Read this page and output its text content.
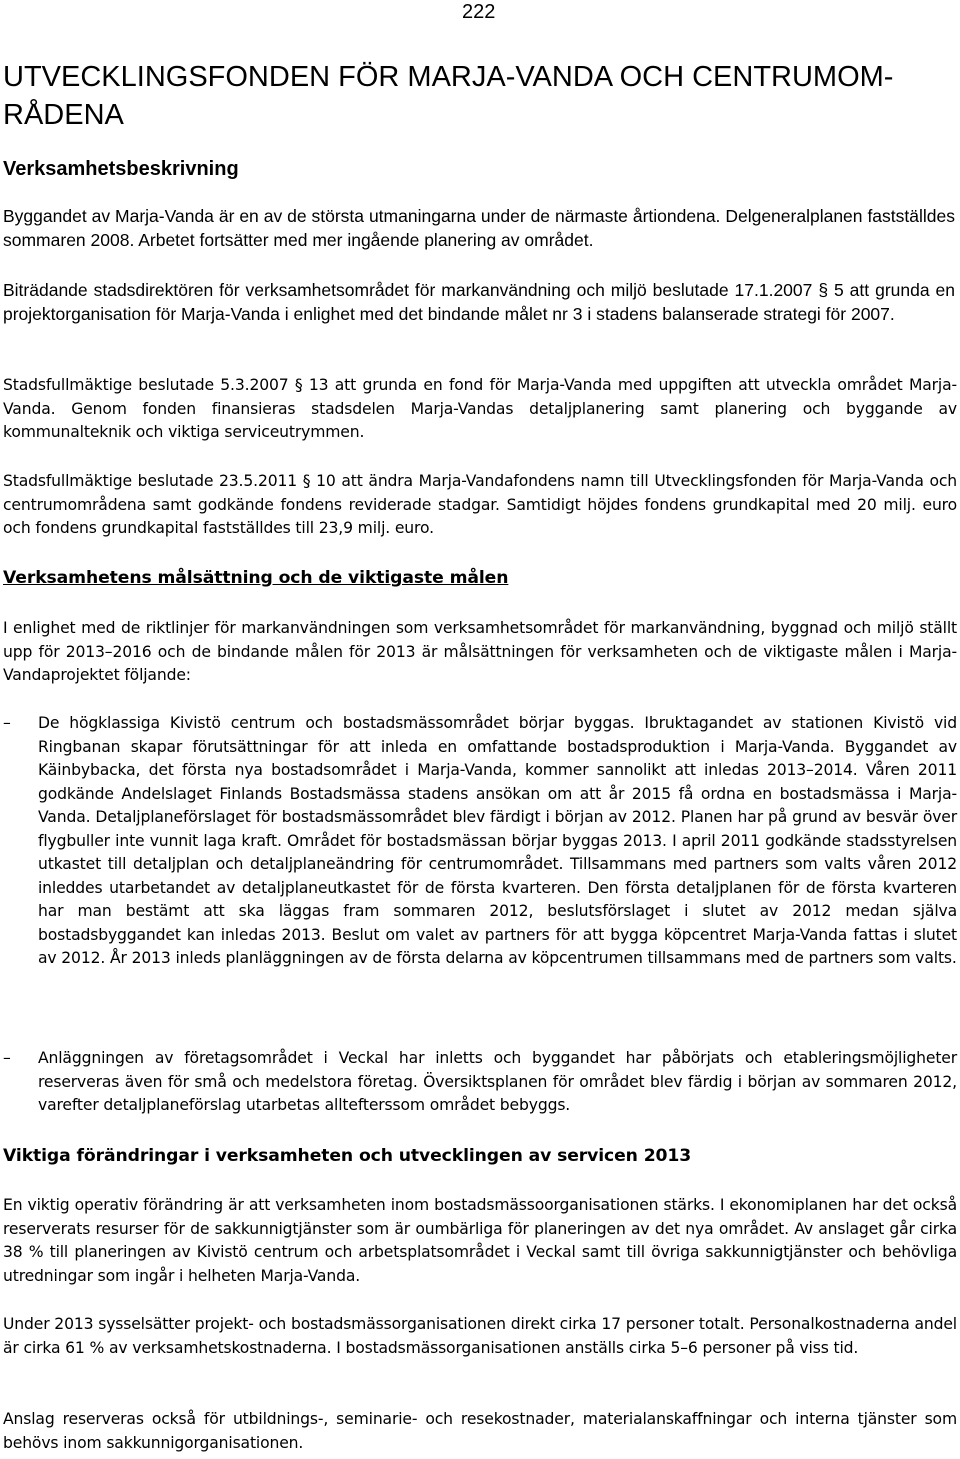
222
UTVECKLINGSFONDEN FÖR MARJA-VANDA OCH CENTRUMOMRÅDENA
Verksamhetsbeskrivning

Byggandet av Marja-Vanda är en av de största utmaningarna under de närmaste årtiondena. Delgeneralplanen fastställdes sommaren 2008. Arbetet fortsätter med mer ingående planering av området.

Biträdande stadsdirektören för verksamhetsområdet för markanvändning och miljö beslutade 17.1.2007 § 5 att grunda en projektorganisation för Marja-Vanda i enlighet med det bindande målet nr 3 i stadens balanserade strategi för 2007.

Stadsfullmäktige beslutade 5.3.2007 § 13 att grunda en fond för Marja-Vanda med uppgiften att utveckla området Marja-Vanda. Genom fonden finansieras stadsdelen Marja-Vandas detaljplanering samt planering och byggande av kommunalteknik och viktiga serviceutrymmen.

Stadsfullmäktige beslutade 23.5.2011 § 10 att ändra Marja-Vandafondens namn till Utvecklingsfonden för Marja-Vanda och centrumområdena samt godkände fondens reviderade stadgar. Samtidigt höjdes fondens grundkapital med 20 milj. euro och fondens grundkapital fastställdes till 23,9 milj. euro.

Verksamhetens målsättning och de viktigaste målen

I enlighet med de riktlinjer för markanvändningen som verksamhetsområdet för markanvändning, byggnad och miljö ställt upp för 2013–2016 och de bindande målen för 2013 är målsättningen för verksamheten och de viktigaste målen i Marja-Vandaprojektet följande:

– De högklassiga Kivistö centrum och bostadsmässområdet börjar byggas. Ibruktagandet av stationen Kivistö vid Ringbanan skapar förutsättningar för att inleda en omfattande bostadsproduktion i Marja-Vanda. Byggandet av Käinbybacka, det första nya bostadsområdet i Marja-Vanda, kommer sannolikt att inledas 2013–2014. Våren 2011 godkände Andelslaget Finlands Bostadsmässa stadens ansökan om att år 2015 få ordna en bostadsmässa i Marja-Vanda. Detaljplaneförslaget för bostadsmässområdet blev färdigt i början av 2012. Planen har på grund av besvär över flygbuller inte vunnit laga kraft. Området för bostadsmässan börjar byggas 2013. I april 2011 godkände stadsstyrelsen utkastet till detaljplan och detaljplaneändring för centrumområdet. Tillsammans med partners som valts våren 2012 inleddes utarbetandet av detaljplaneutkastet för de första kvarteren. Den första detaljplanen för de första kvarteren har man bestämt att ska läggas fram sommaren 2012, beslutsförslaget i slutet av 2012 medan själva bostadsbyggandet kan inledas 2013. Beslut om valet av partners för att bygga köpcentret Marja-Vanda fattas i slutet av 2012. År 2013 inleds planläggningen av de första delarna av köpcentrumen tillsammans med de partners som valts.

– Anläggningen av företagsområdet i Veckal har inletts och byggandet har påbörjats och etableringsmöjligheter reserveras även för små och medelstora företag. Översiktsplanen för området blev färdig i början av sommaren 2012, varefter detaljplaneförslag utarbetas alltefterssom området bebyggs.

Viktiga förändringar i verksamheten och utvecklingen av servicen 2013

En viktig operativ förändring är att verksamheten inom bostadsmässoorganisationen stärks. I ekonomiplanen har det också reserverats resurser för de sakkunnigtjänster som är oumbärliga för planeringen av det nya området. Av anslaget går cirka 38 % till planeringen av Kivistö centrum och arbetsplatsområdet i Veckal samt till övriga sakkunnigtjänster och behövliga utredningar som ingår i helheten Marja-Vanda.

Under 2013 sysselsätter projekt- och bostadsmässorganisationen direkt cirka 17 personer totalt. Personalkostnaderna andel är cirka 61 % av verksamhetskostnaderna. I bostadsmässorganisationen anställs cirka 5–6 personer på viss tid.

Anslag reserveras också för utbildnings-, seminarie- och resekostnader, materialanskaffningar och interna tjänster som behövs inom sakkunnigorganisationen.
